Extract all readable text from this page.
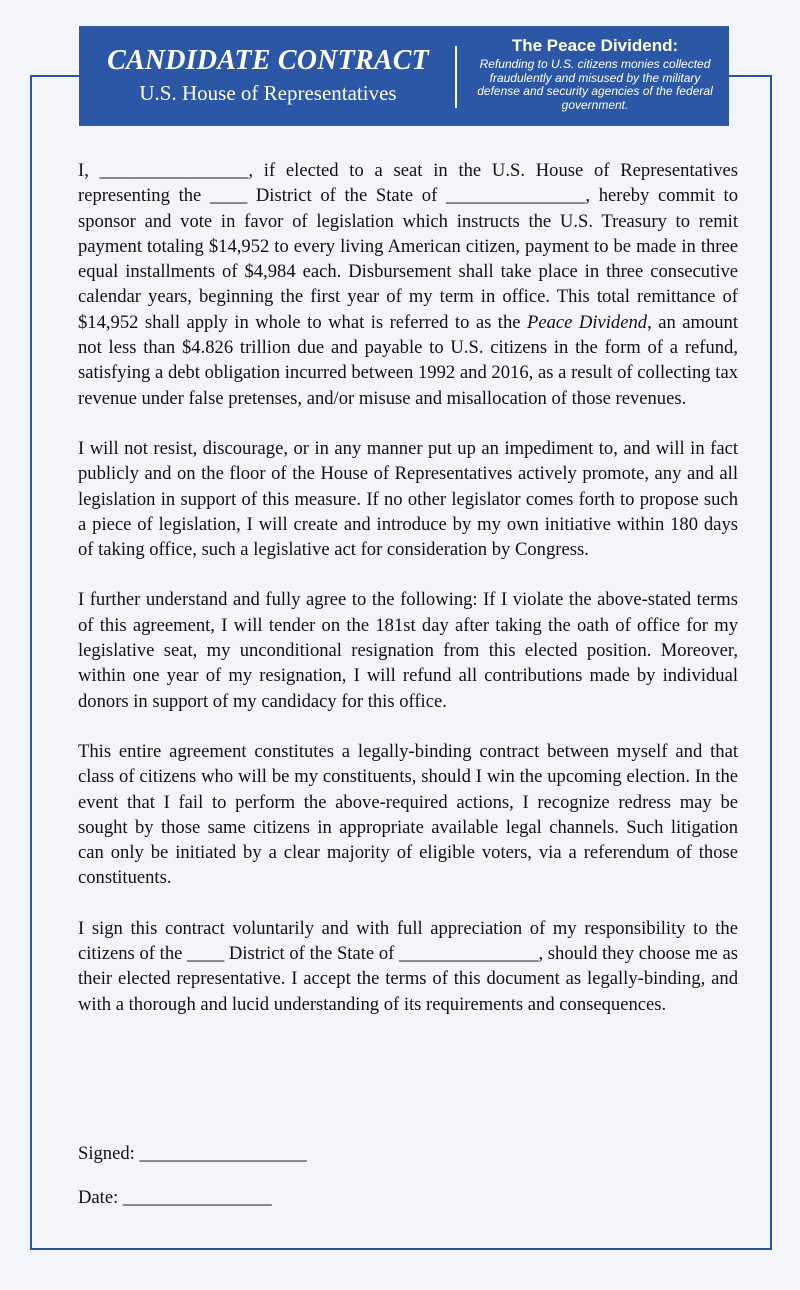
CANDIDATE CONTRACT
U.S. House of Representatives
The Peace Dividend:
Refunding to U.S. citizens monies collected fraudulently and misused by the military defense and security agencies of the federal government.

I, ________________, if elected to a seat in the U.S. House of Representatives representing the ____ District of the State of _______________, hereby commit to sponsor and vote in favor of legislation which instructs the U.S. Treasury to remit payment totaling $14,952 to every living American citizen, payment to be made in three equal installments of $4,984 each. Disbursement shall take place in three consecutive calendar years, beginning the first year of my term in office. This total remittance of $14,952 shall apply in whole to what is referred to as the Peace Dividend, an amount not less than $4.826 trillion due and payable to U.S. citizens in the form of a refund, satisfying a debt obligation incurred between 1992 and 2016, as a result of collecting tax revenue under false pretenses, and/or misuse and misallocation of those revenues.

I will not resist, discourage, or in any manner put up an impediment to, and will in fact publicly and on the floor of the House of Representatives actively promote, any and all legislation in support of this measure. If no other legislator comes forth to propose such a piece of legislation, I will create and introduce by my own initiative within 180 days of taking office, such a legislative act for consideration by Congress.

I further understand and fully agree to the following: If I violate the above-stated terms of this agreement, I will tender on the 181st day after taking the oath of office for my legislative seat, my unconditional resignation from this elected position. Moreover, within one year of my resignation, I will refund all contributions made by individual donors in support of my candidacy for this office.

This entire agreement constitutes a legally-binding contract between myself and that class of citizens who will be my constituents, should I win the upcoming election. In the event that I fail to perform the above-required actions, I recognize redress may be sought by those same citizens in appropriate available legal channels. Such litigation can only be initiated by a clear majority of eligible voters, via a referendum of those constituents.

I sign this contract voluntarily and with full appreciation of my responsibility to the citizens of the ____ District of the State of _______________, should they choose me as their elected representative. I accept the terms of this document as legally-binding, and with a thorough and lucid understanding of its requirements and consequences.

Signed: __________________
Date: ________________
